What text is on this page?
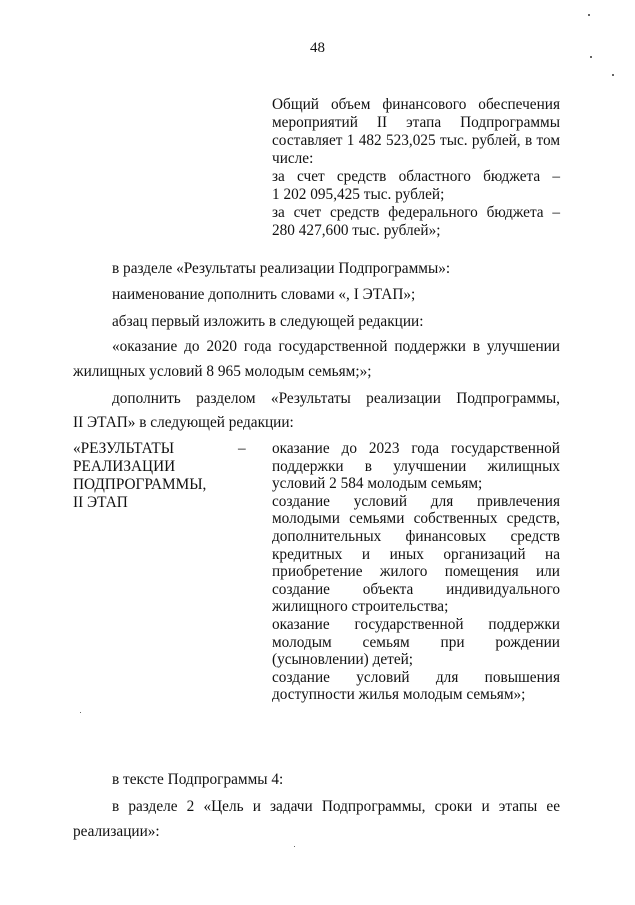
48
Общий объем финансового обеспечения
мероприятий II этапа Подпрограммы
составляет 1 482 523,025 тыс. рублей, в том
числе:
за счет средств областного бюджета –
1 202 095,425 тыс. рублей;
за счет средств федерального бюджета –
280 427,600 тыс. рублей»;
в разделе «Результаты реализации Подпрограммы»:
наименование дополнить словами «, I ЭТАП»;
абзац первый изложить в следующей редакции:
«оказание до 2020 года государственной поддержки в улучшении
жилищных условий 8 965 молодым семьям;»;
дополнить разделом «Результаты реализации Подпрограммы,
II ЭТАП» в следующей редакции:
«РЕЗУЛЬТАТЫ
РЕАЛИЗАЦИИ
ПОДПРОГРАММЫ,
II ЭТАП
– оказание до 2023 года государственной
поддержки в улучшении жилищных
условий 2 584 молодым семьям;
создание условий для привлечения
молодыми семьями собственных средств,
дополнительных финансовых средств
кредитных и иных организаций на
приобретение жилого помещения или
создание объекта индивидуального
жилищного строительства;
оказание государственной поддержки
молодым семьям при рождении
(усыновлении) детей;
создание условий для повышения
доступности жилья молодым семьям»;
в тексте Подпрограммы 4:
в разделе 2 «Цель и задачи Подпрограммы, сроки и этапы ее
реализации»:
